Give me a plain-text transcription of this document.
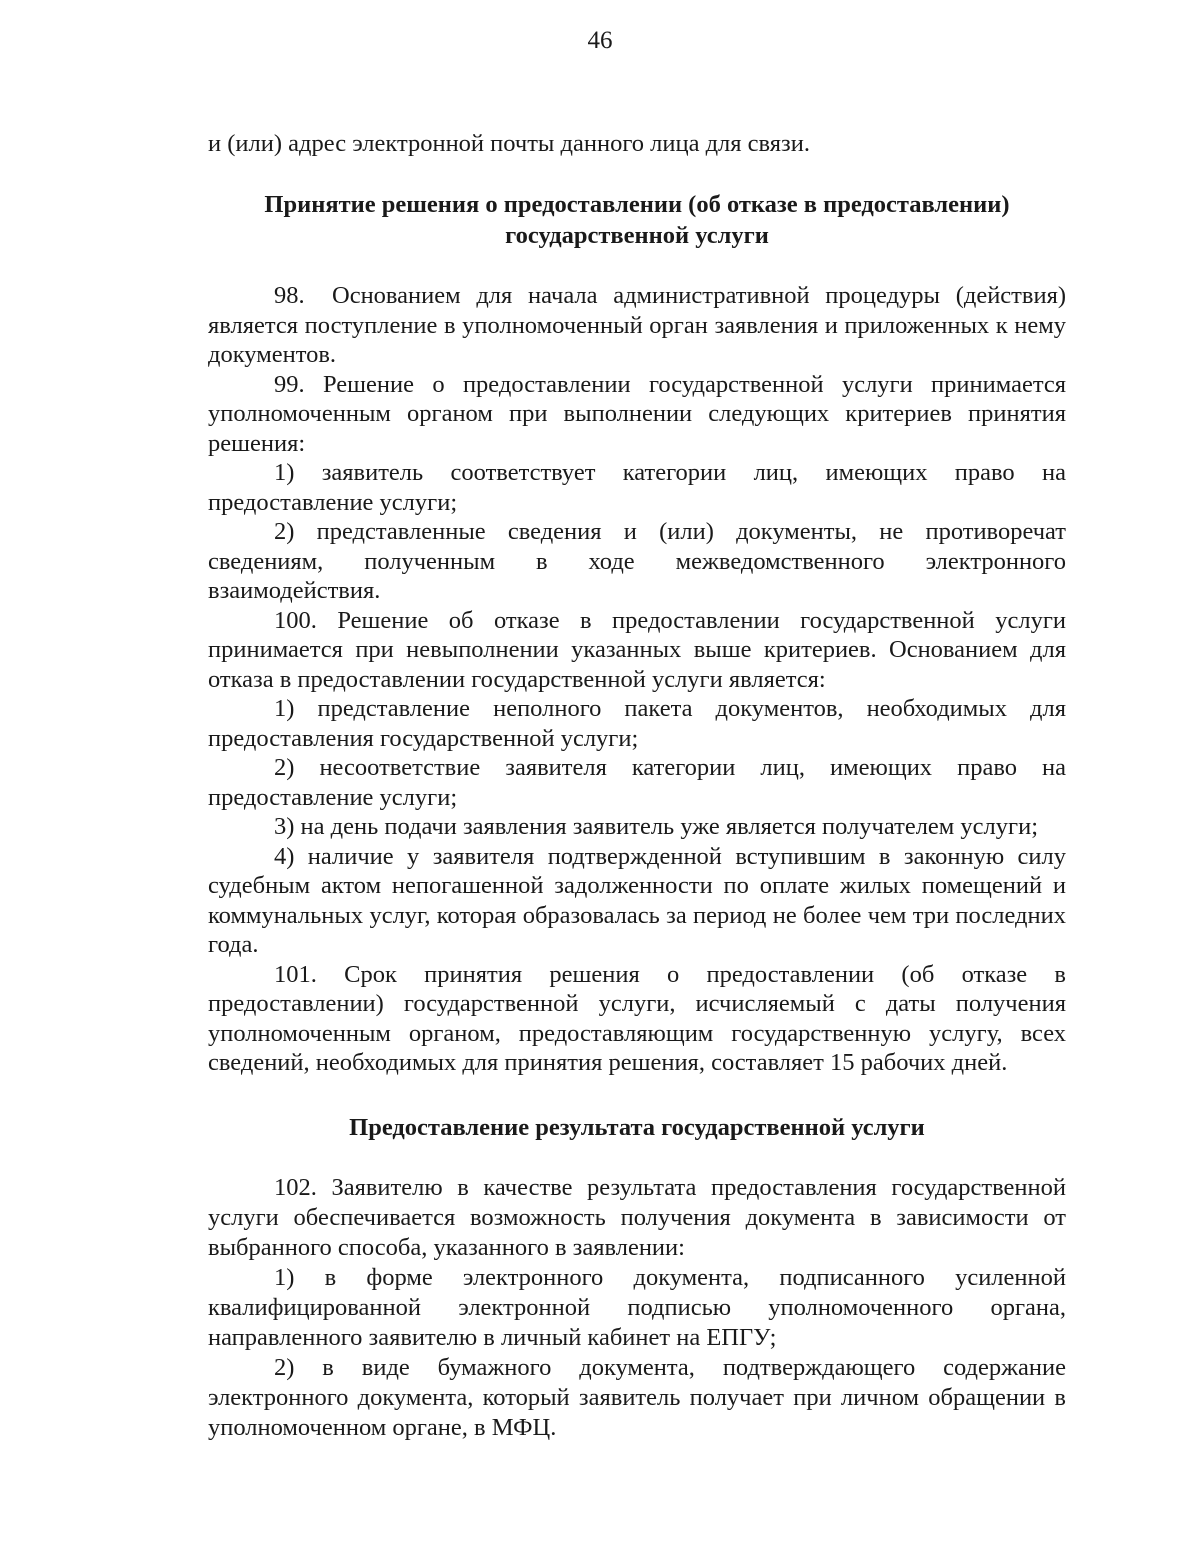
46

и (или) адрес электронной почты данного лица для связи.

Принятие решения о предоставлении (об отказе в предоставлении)
государственной услуги

98. Основанием для начала административной процедуры (действия) является поступление в уполномоченный орган заявления и приложенных к нему документов.

99. Решение о предоставлении государственной услуги принимается уполномоченным органом при выполнении следующих критериев принятия решения:

1) заявитель соответствует категории лиц, имеющих право на предоставление услуги;

2) представленные сведения и (или) документы, не противоречат сведениям, полученным в ходе межведомственного электронного взаимодействия.

100. Решение об отказе в предоставлении государственной услуги принимается при невыполнении указанных выше критериев. Основанием для отказа в предоставлении государственной услуги является:

1) представление неполного пакета документов, необходимых для предоставления государственной услуги;

2) несоответствие заявителя категории лиц, имеющих право на предоставление услуги;

3) на день подачи заявления заявитель уже является получателем услуги;

4) наличие у заявителя подтвержденной вступившим в законную силу судебным актом непогашенной задолженности по оплате жилых помещений и коммунальных услуг, которая образовалась за период не более чем три последних года.

101. Срок принятия решения о предоставлении (об отказе в предоставлении) государственной услуги, исчисляемый с даты получения уполномоченным органом, предоставляющим государственную услугу, всех сведений, необходимых для принятия решения, составляет 15 рабочих дней.

Предоставление результата государственной услуги

102. Заявителю в качестве результата предоставления государственной услуги обеспечивается возможность получения документа в зависимости от выбранного способа, указанного в заявлении:

1) в форме электронного документа, подписанного усиленной квалифицированной электронной подписью уполномоченного органа, направленного заявителю в личный кабинет на ЕПГУ;

2) в виде бумажного документа, подтверждающего содержание электронного документа, который заявитель получает при личном обращении в уполномоченном органе, в МФЦ.
